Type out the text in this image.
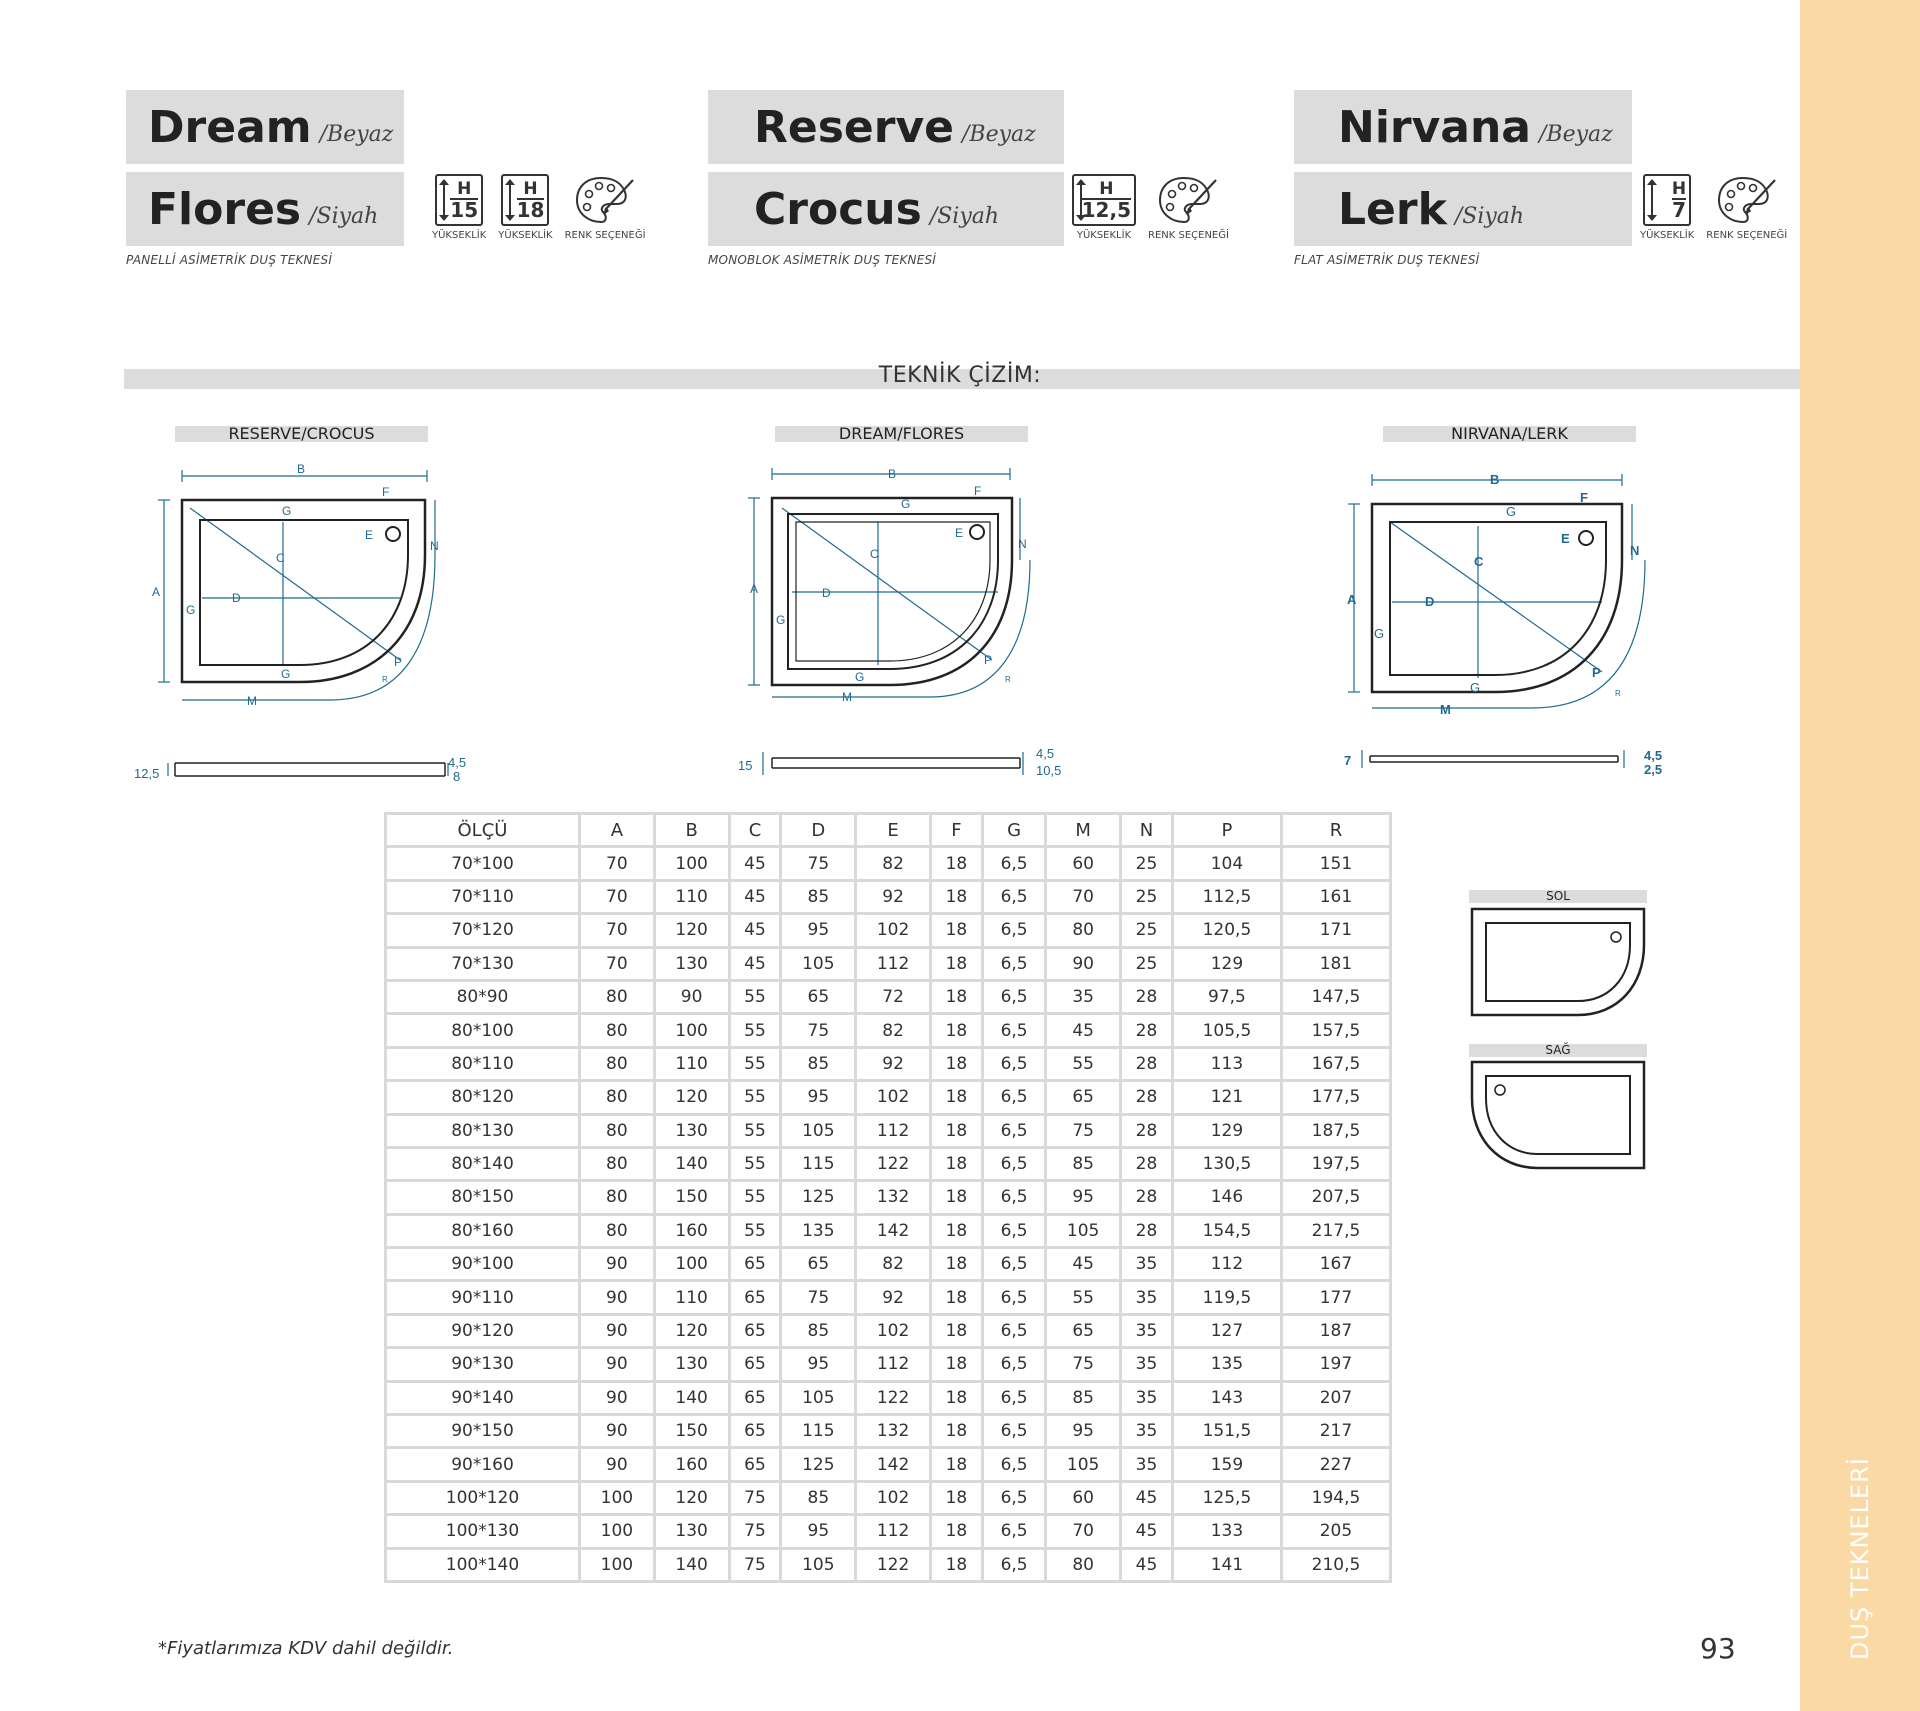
DUŞ TEKNELERİ
Dream /Beyaz
Flores /Siyah
PANELLİ ASİMETRİK DUŞ TEKNESİ
H
15
YÜKSEKLİK
H
18
YÜKSEKLİK RENK SEÇENEĞİ
Reserve /Beyaz
Crocus /Siyah
MONOBLOK ASİMETRİK DUŞ TEKNESİ
H
12,5
YÜKSEKLİK RENK SEÇENEĞİ
Nirvana /Beyaz
Lerk /Siyah
FLAT ASİMETRİK DUŞ TEKNESİ
H
7
YÜKSEKLİK RENK SEÇENEĞİ
TEKNİK ÇİZİM:
RESERVE/CROCUS	DREAM/FLORES	NIRVANA/LERK
B
A
G
G
G
F
E
C
D
N
P
R
M
12,5
4,5
8
B
A
G
G
G
F
E
C
D
N
P
R
M
15
4,5
10,5
B
A
G
G
G
F
E
C
D
N
P
R
M
7	4,5
2,5
ÖLÇÜ	A	B	C	D	E	F	G	M	N	P	R
70*100	70	100	45	75	82	18	6,5	60	25	104	151
70*110	70	110	45	85	92	18	6,5	70	25	112,5	161
70*120	70	120	45	95	102	18	6,5	80	25	120,5	171
70*130	70	130	45	105	112	18	6,5	90	25	129	181
80*90	80	90	55	65	72	18	6,5	35	28	97,5	147,5
80*100	80	100	55	75	82	18	6,5	45	28	105,5	157,5
80*110	80	110	55	85	92	18	6,5	55	28	113	167,5
80*120	80	120	55	95	102	18	6,5	65	28	121	177,5
80*130	80	130	55	105	112	18	6,5	75	28	129	187,5
80*140	80	140	55	115	122	18	6,5	85	28	130,5	197,5
80*150	80	150	55	125	132	18	6,5	95	28	146	207,5
80*160	80	160	55	135	142	18	6,5	105	28	154,5	217,5
90*100	90	100	65	65	82	18	6,5	45	35	112	167
90*110	90	110	65	75	92	18	6,5	55	35	119,5	177
90*120	90	120	65	85	102	18	6,5	65	35	127	187
90*130	90	130	65	95	112	18	6,5	75	35	135	197
90*140	90	140	65	105	122	18	6,5	85	35	143	207
90*150	90	150	65	115	132	18	6,5	95	35	151,5	217
90*160	90	160	65	125	142	18	6,5	105	35	159	227
100*120	100	120	75	85	102	18	6,5	60	45	125,5	194,5
100*130	100	130	75	95	112	18	6,5	70	45	133	205
100*140	100	140	75	105	122	18	6,5	80	45	141	210,5
SOL
SAĞ
*Fiyatlarımıza KDV dahil değildir.	93
